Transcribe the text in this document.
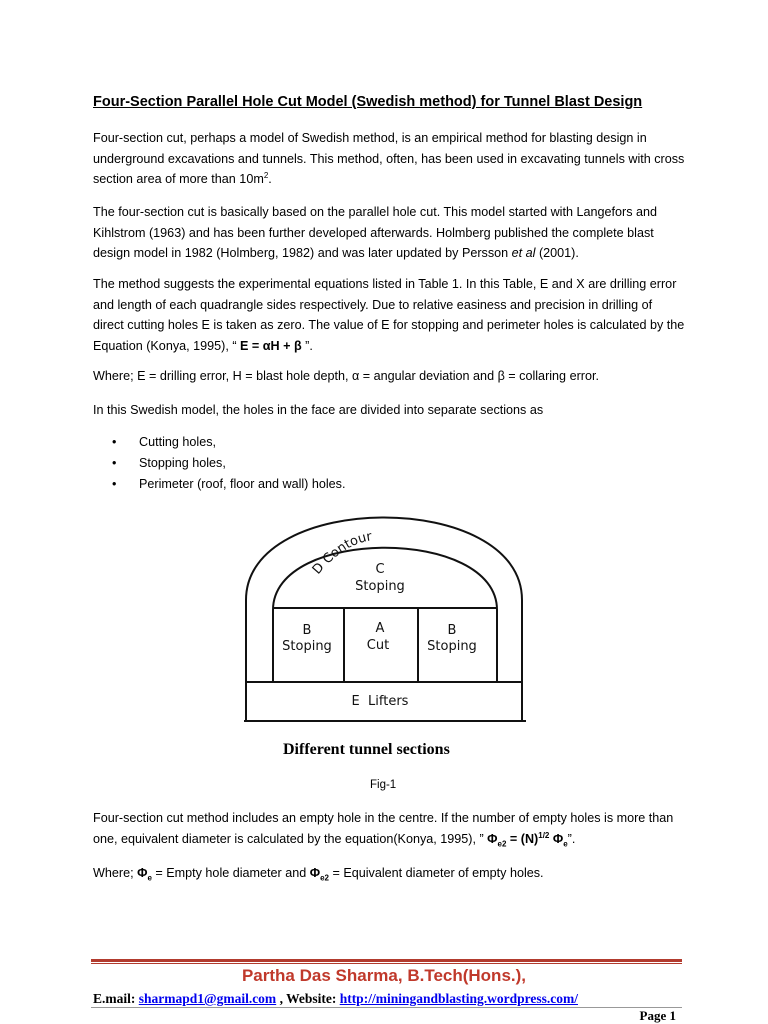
Four-Section Parallel Hole Cut Model (Swedish method) for Tunnel Blast Design
Four-section cut, perhaps a model of Swedish method, is an empirical method for blasting design in underground excavations and tunnels. This method, often, has been used in excavating tunnels with cross section area of more than $10m^2$.
The four-section cut is basically based on the parallel hole cut. This model started with Langefors and Kihlstrom (1963) and has been further developed afterwards. Holmberg published the complete blast design model in 1982 (Holmberg, 1982) and was later updated by Persson et al (2001).
The method suggests the experimental equations listed in Table 1. In this Table, E and X are drilling error and length of each quadrangle sides respectively. Due to relative easiness and precision in drilling of direct cutting holes E is taken as zero. The value of E for stopping and perimeter holes is calculated by the Equation (Konya, 1995), “ E = αH + β ”.
Where; E = drilling error, H = blast hole depth, α = angular deviation and β = collaring error.
In this Swedish model, the holes in the face are divided into separate sections as
• Cutting holes,
• Stopping holes,
• Perimeter (roof, floor and wall) holes.
D Contour
C
Stoping
B
Stoping
A
Cut
B
Stoping
E  Lifters
Different tunnel sections
Fig-1
Four-section cut method includes an empty hole in the centre. If the number of empty holes is more than one, equivalent diameter is calculated by the equation(Konya, 1995), ” $\Phi_{e2} = (N)^{1/2}$ $\Phi_e$”.
Where; $\Phi_e$ = Empty hole diameter and $\Phi_{e2}$ = Equivalent diameter of empty holes.
Partha Das Sharma, B.Tech(Hons.),
E.mail: sharmapd1@gmail.com , Website: http://miningandblasting.wordpress.com/
Page 1
